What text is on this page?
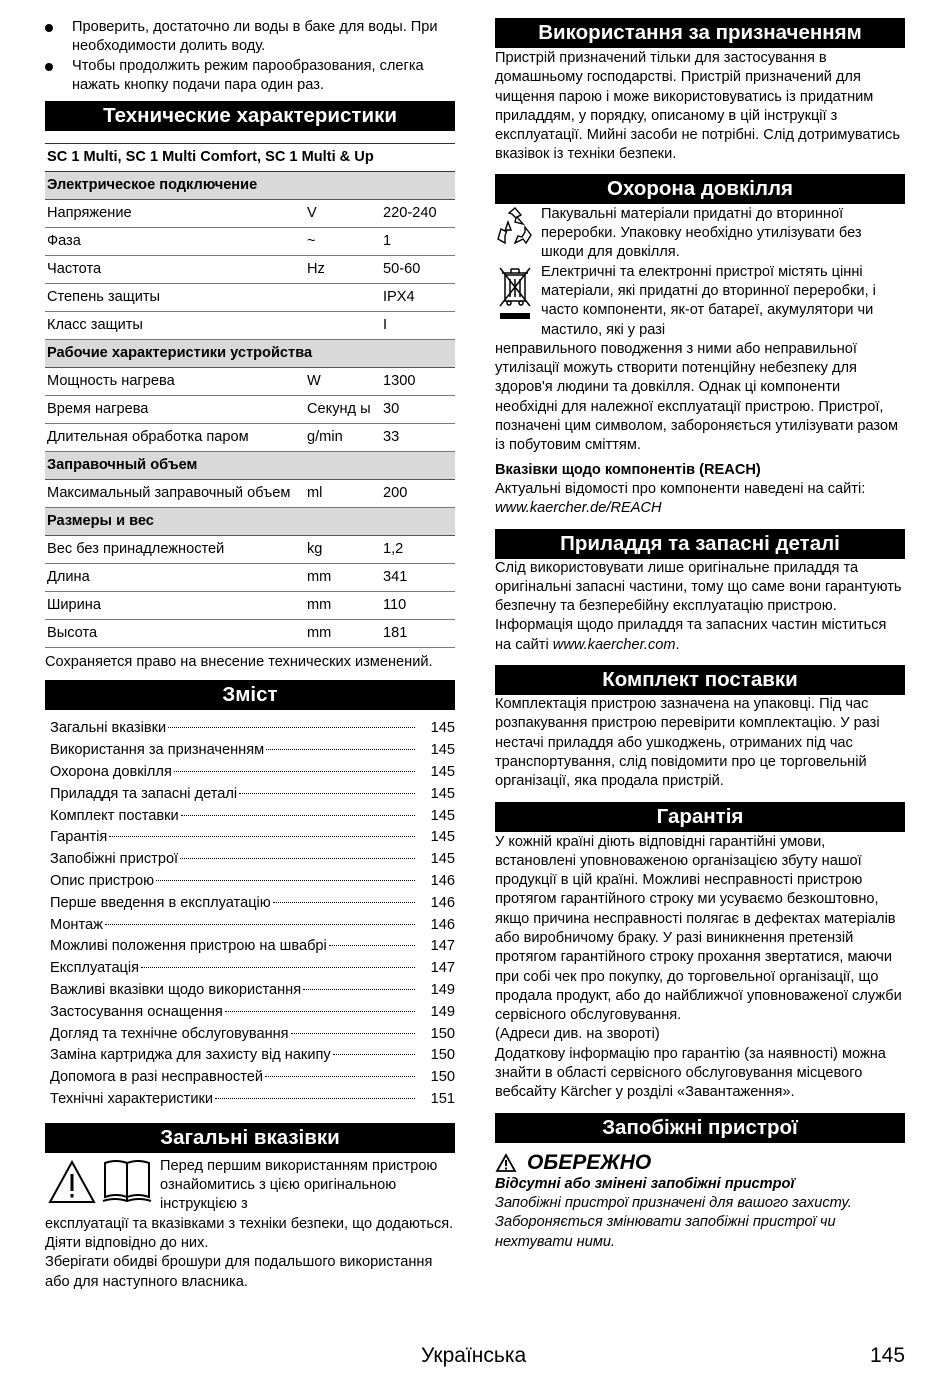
Проверить, достаточно ли воды в баке для воды. При необходимости долить воду.
Чтобы продолжить режим парообразования, слегка нажать кнопку подачи пара один раз.
Технические характеристики
SC 1 Multi, SC 1 Multi Comfort, SC 1 Multi & Up		
Электрическое подключение		
Напряжение	V	220-240
Фаза	~	1
Частота	Hz	50-60
Степень защиты		IPX4
Класс защиты		I
Рабочие характеристики устройства		
Мощность нагрева	W	1300
Время нагрева	Секунд ы	30
Длительная обработка паром	g/min	33
Заправочный объем		
Максимальный заправочный объем	ml	200
Размеры и вес		
Вес без принадлежностей	kg	1,2
Длина	mm	341
Ширина	mm	110
Высота	mm	181
Сохраняется право на внесение технических изменений.
Зміст
Загальні вказівки	145
Використання за призначенням	145
Охорона довкілля	145
Приладдя та запасні деталі	145
Комплект поставки	145
Гарантія	145
Запобіжні пристрої	145
Опис пристрою	146
Перше введення в експлуатацію	146
Монтаж	146
Можливі положення пристрою на швабрі	147
Експлуатація	147
Важливі вказівки щодо використання	149
Застосування оснащення	149
Догляд та технічне обслуговування	150
Заміна картриджа для захисту від накипу	150
Допомога в разі несправностей	150
Технічні характеристики	151
Загальні вказівки
Перед першим використанням пристрою ознайомитись з цією оригінальною інструкцією з
експлуатації та вказівками з техніки безпеки, що додаються. Діяти відповідно до них.
Зберігати обидві брошури для подальшого використання або для наступного власника.
Використання за призначенням
Пристрій призначений тільки для застосування в домашньому господарстві. Пристрій призначений для чищення парою і може використовуватись із придатним приладдям, у порядку, описаному в цій інструкції з експлуатації. Мийні засоби не потрібні. Слід дотримуватись вказівок із техніки безпеки.
Охорона довкілля
Пакувальні матеріали придатні до вторинної переробки. Упаковку необхідно утилізувати без шкоди для довкілля.
Електричні та електронні пристрої містять цінні матеріали, які придатні до вторинної переробки, і часто компоненти, як-от батареї, акумулятори чи мастило, які у разі
неправильного поводження з ними або неправильної утилізації можуть створити потенційну небезпеку для здоров'я людини та довкілля. Однак ці компоненти необхідні для належної експлуатації пристрою. Пристрої, позначені цим символом, забороняється утилізувати разом із побутовим сміттям.
Вказівки щодо компонентів (REACH)
Актуальні відомості про компоненти наведені на сайті: www.kaercher.de/REACH
Приладдя та запасні деталі
Слід використовувати лише оригінальне приладдя та оригінальні запасні частини, тому що саме вони гарантують безпечну та безперебійну експлуатацію пристрою.
Інформація щодо приладдя та запасних частин міститься на сайті www.kaercher.com.
Комплект поставки
Комплектація пристрою зазначена на упаковці. Під час розпакування пристрою перевірити комплектацію. У разі нестачі приладдя або ушкоджень, отриманих під час транспортування, слід повідомити про це торговельній організації, яка продала пристрій.
Гарантія
У кожній країні діють відповідні гарантійні умови, встановлені уповноваженою організацією збуту нашої продукції в цій країні. Можливі несправності пристрою протягом гарантійного строку ми усуваємо безкоштовно, якщо причина несправності полягає в дефектах матеріалів або виробничому браку. У разі виникнення претензій протягом гарантійного строку прохання звертатися, маючи при собі чек про покупку, до торговельної організації, що продала продукт, або до найближчої уповноваженої служби сервісного обслуговування.
(Адреси див. на звороті)
Додаткову інформацію про гарантію (за наявності) можна знайти в області сервісного обслуговування місцевого вебсайту Kärcher у розділі «Завантаження».
Запобіжні пристрої
ОБЕРЕЖНО
Відсутні або змінені запобіжні пристрої
Запобіжні пристрої призначені для вашого захисту. Забороняється змінювати запобіжні пристрої чи нехтувати ними.
Українська	145
